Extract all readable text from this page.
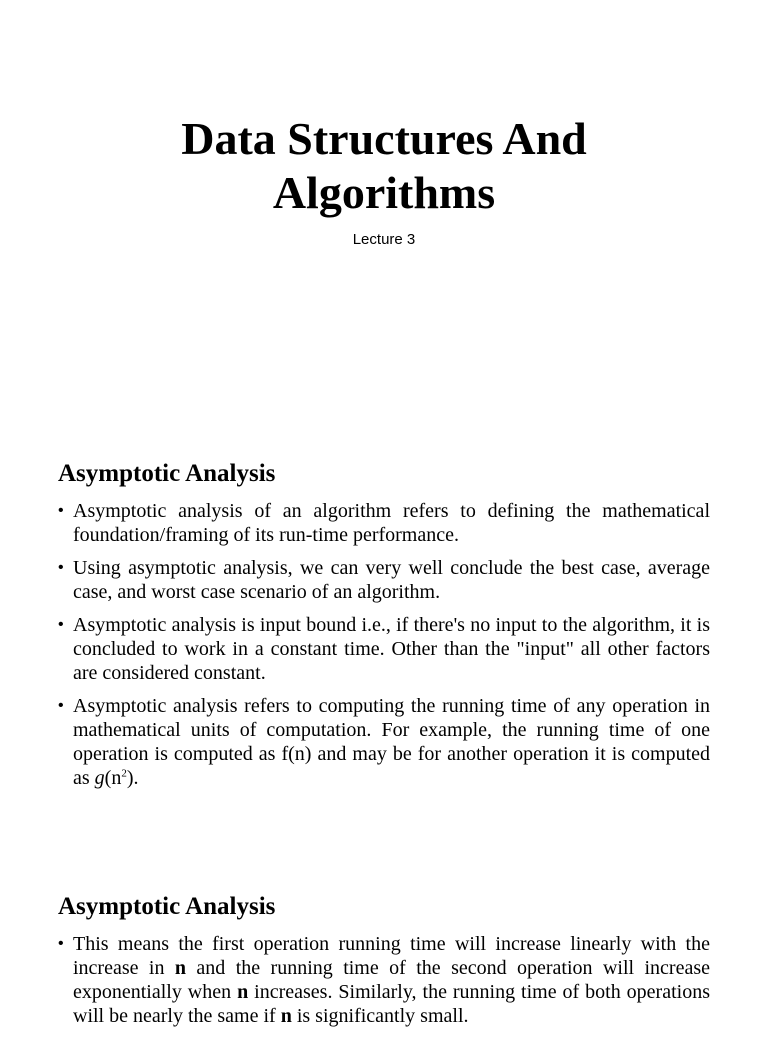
Data Structures And
Algorithms
Lecture 3
Asymptotic Analysis
• Asymptotic analysis of an algorithm refers to defining the mathematical foundation/framing of its run-time performance.
• Using asymptotic analysis, we can very well conclude the best case, average case, and worst case scenario of an algorithm.
• Asymptotic analysis is input bound i.e., if there's no input to the algorithm, it is concluded to work in a constant time. Other than the "input" all other factors are considered constant.
• Asymptotic analysis refers to computing the running time of any operation in mathematical units of computation. For example, the running time of one operation is computed as f(n) and may be for another operation it is computed as $g(n^2)$.
Asymptotic Analysis
• This means the first operation running time will increase linearly with the increase in n and the running time of the second operation will increase exponentially when n increases. Similarly, the running time of both operations will be nearly the same if n is significantly small.
